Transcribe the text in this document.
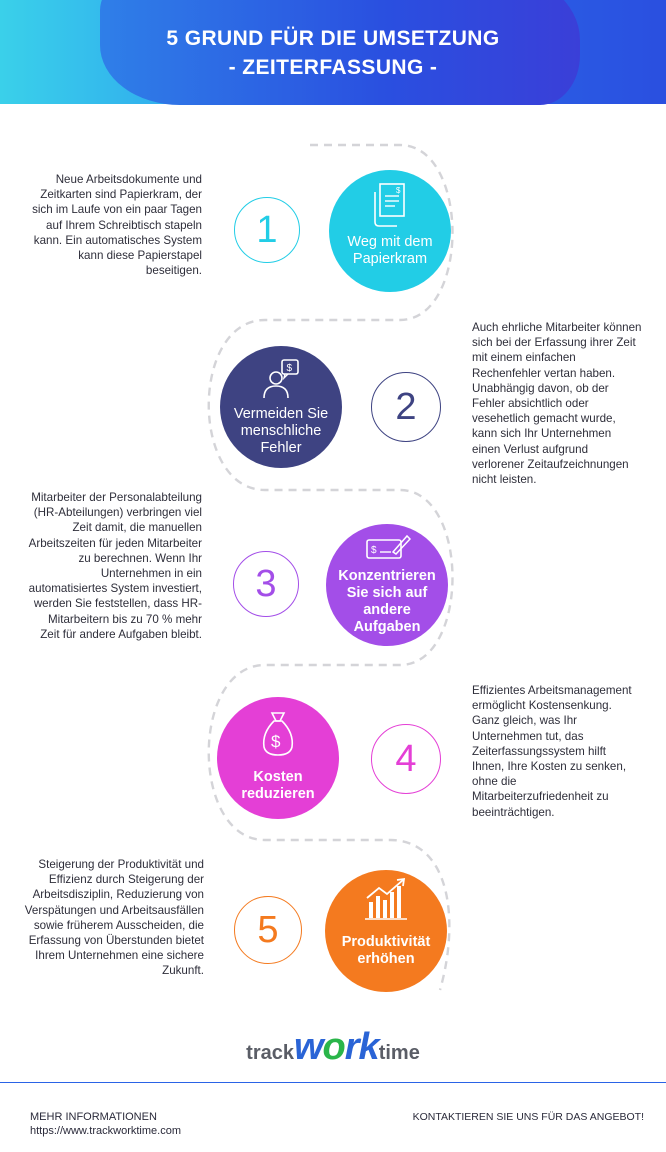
5 GRUND FÜR DIE UMSETZUNG
- ZEITERFASSUNG -
Neue Arbeitsdokumente und Zeitkarten sind Papierkram, der sich im Laufe von ein paar Tagen auf Ihrem Schreibtisch stapeln kann. Ein automatisches System kann diese Papierstapel beseitigen.
1
$
Weg mit dem Papierkram
$
Vermeiden Sie menschliche Fehler
2
Auch ehrliche Mitarbeiter können sich bei der Erfassung ihrer Zeit mit einem einfachen Rechenfehler vertan haben. Unabhängig davon, ob der Fehler absichtlich oder vesehetlich gemacht wurde, kann sich Ihr Unternehmen einen Verlust aufgrund verlorener Zeitaufzeichnungen nicht leisten.
Mitarbeiter der Personalabteilung (HR-Abteilungen) verbringen viel Zeit damit, die manuellen Arbeitszeiten für jeden Mitarbeiter zu berechnen. Wenn Ihr Unternehmen in ein automatisiertes System investiert, werden Sie feststellen, dass HR-Mitarbeitern bis zu 70 % mehr Zeit für andere Aufgaben bleibt.
3
$
Konzentrieren Sie sich auf andere Aufgaben
$
Kosten reduzieren
4
Effizientes Arbeitsmanagement ermöglicht Kostensenkung. Ganz gleich, was Ihr Unternehmen tut, das Zeiterfassungssystem hilft Ihnen, Ihre Kosten zu senken, ohne die Mitarbeiterzufriedenheit zu beeinträchtigen.
Steigerung der Produktivität und Effizienz durch Steigerung der Arbeitsdisziplin, Reduzierung von Verspätungen und Arbeitsausfällen sowie früherem Ausscheiden, die Erfassung von Überstunden bietet Ihrem Unternehmen eine sichere Zukunft.
5	Produktivität erhöhen
trackworktime
MEHR INFORMATIONEN
https://www.trackworktime.com
KONTAKTIEREN SIE UNS FÜR DAS ANGEBOT!
